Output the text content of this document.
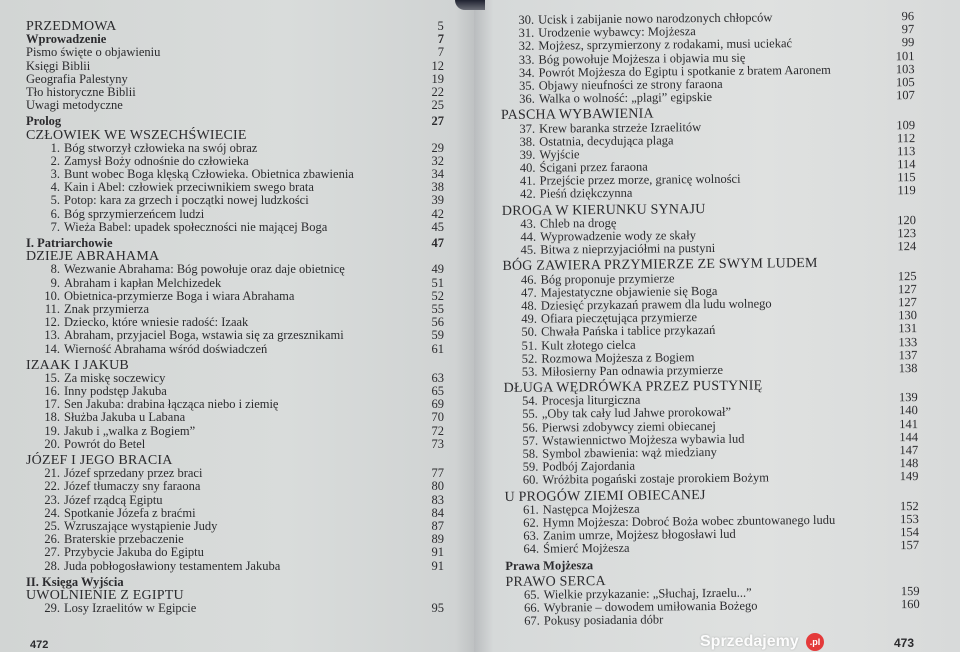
PRZEDMOWA	5
Wprowadzenie	7
Pismo święte o objawieniu	7
Księgi Biblii	12
Geografia Palestyny	19
Tło historyczne Biblii	22
Uwagi metodyczne	25
Prolog	27
CZŁOWIEK WE WSZECHŚWIECIE
1. Bóg stworzył człowieka na swój obraz	29
2. Zamysł Boży odnośnie do człowieka	32
3. Bunt wobec Boga klęską Człowieka. Obietnica zbawienia	34
4. Kain i Abel: człowiek przeciwnikiem swego brata	38
5. Potop: kara za grzech i początki nowej ludzkości	39
6. Bóg sprzymierzeńcem ludzi	42
7. Wieża Babel: upadek społeczności nie mającej Boga	45
I. Patriarchowie	47
DZIEJE ABRAHAMA
8. Wezwanie Abrahama: Bóg powołuje oraz daje obietnicę	49
9. Abraham i kapłan Melchizedek	51
10. Obietnica-przymierze Boga i wiara Abrahama	52
11. Znak przymierza	55
12. Dziecko, które wniesie radość: Izaak	56
13. Abraham, przyjaciel Boga, wstawia się za grzesznikami	59
14. Wierność Abrahama wśród doświadczeń	61
IZAAK I JAKUB
15. Za miskę soczewicy	63
16. Inny podstęp Jakuba	65
17. Sen Jakuba: drabina łącząca niebo i ziemię	69
18. Służba Jakuba u Labana	70
19. Jakub i „walka z Bogiem”	72
20. Powrót do Betel	73
JÓZEF I JEGO BRACIA
21. Józef sprzedany przez braci	77
22. Józef tłumaczy sny faraona	80
23. Józef rządcą Egiptu	83
24. Spotkanie Józefa z braćmi	84
25. Wzruszające wystąpienie Judy	87
26. Braterskie przebaczenie	89
27. Przybycie Jakuba do Egiptu	91
28. Juda pobłogosławiony testamentem Jakuba	91
II. Księga Wyjścia
UWOLNIENIE Z EGIPTU
29. Losy Izraelitów w Egipcie	95
472
30. Ucisk i zabijanie nowo narodzonych chłopców	96
31. Urodzenie wybawcy: Mojżesza	97
32. Mojżesz, sprzymierzony z rodakami, musi uciekać	99
33. Bóg powołuje Mojżesza i objawia mu się	101
34. Powrót Mojżesza do Egiptu i spotkanie z bratem Aaronem	103
35. Objawy nieufności ze strony faraona	105
36. Walka o wolność: „plagi” egipskie	107
PASCHA WYBAWIENIA
37. Krew baranka strzeże Izraelitów	109
38. Ostatnia, decydująca plaga	112
39. Wyjście	113
40. Ścigani przez faraona	114
41. Przejście przez morze, granicę wolności	115
42. Pieśń dziękczynna	119
DROGA W KIERUNKU SYNAJU
43. Chleb na drogę	120
44. Wyprowadzenie wody ze skały	123
45. Bitwa z nieprzyjaciółmi na pustyni	124
BÓG ZAWIERA PRZYMIERZE ZE SWYM LUDEM
46. Bóg proponuje przymierze	125
47. Majestatyczne objawienie się Boga	127
48. Dziesięć przykazań prawem dla ludu wolnego	127
49. Ofiara pieczętująca przymierze	130
50. Chwała Pańska i tablice przykazań	131
51. Kult złotego cielca	133
52. Rozmowa Mojżesza z Bogiem	137
53. Miłosierny Pan odnawia przymierze	138
DŁUGA WĘDRÓWKA PRZEZ PUSTYNIĘ
54. Procesja liturgiczna	139
55. „Oby tak cały lud Jahwe prorokował”	140
56. Pierwsi zdobywcy ziemi obiecanej	141
57. Wstawiennictwo Mojżesza wybawia lud	144
58. Symbol zbawienia: wąż miedziany	147
59. Podbój Zajordania	148
60. Wróżbita pogański zostaje prorokiem Bożym	149
U PROGÓW ZIEMI OBIECANEJ
61. Następca Mojżesza	152
62. Hymn Mojżesza: Dobroć Boża wobec zbuntowanego ludu	153
63. Zanim umrze, Mojżesz błogosławi lud	154
64. Śmierć Mojżesza	157
Prawa Mojżesza
PRAWO SERCA
65. Wielkie przykazanie: „Słuchaj, Izraelu...”	159
66. Wybranie – dowodem umiłowania Bożego	160
67. Pokusy posiadania dóbr
473
Sprzedajemy	.pl
